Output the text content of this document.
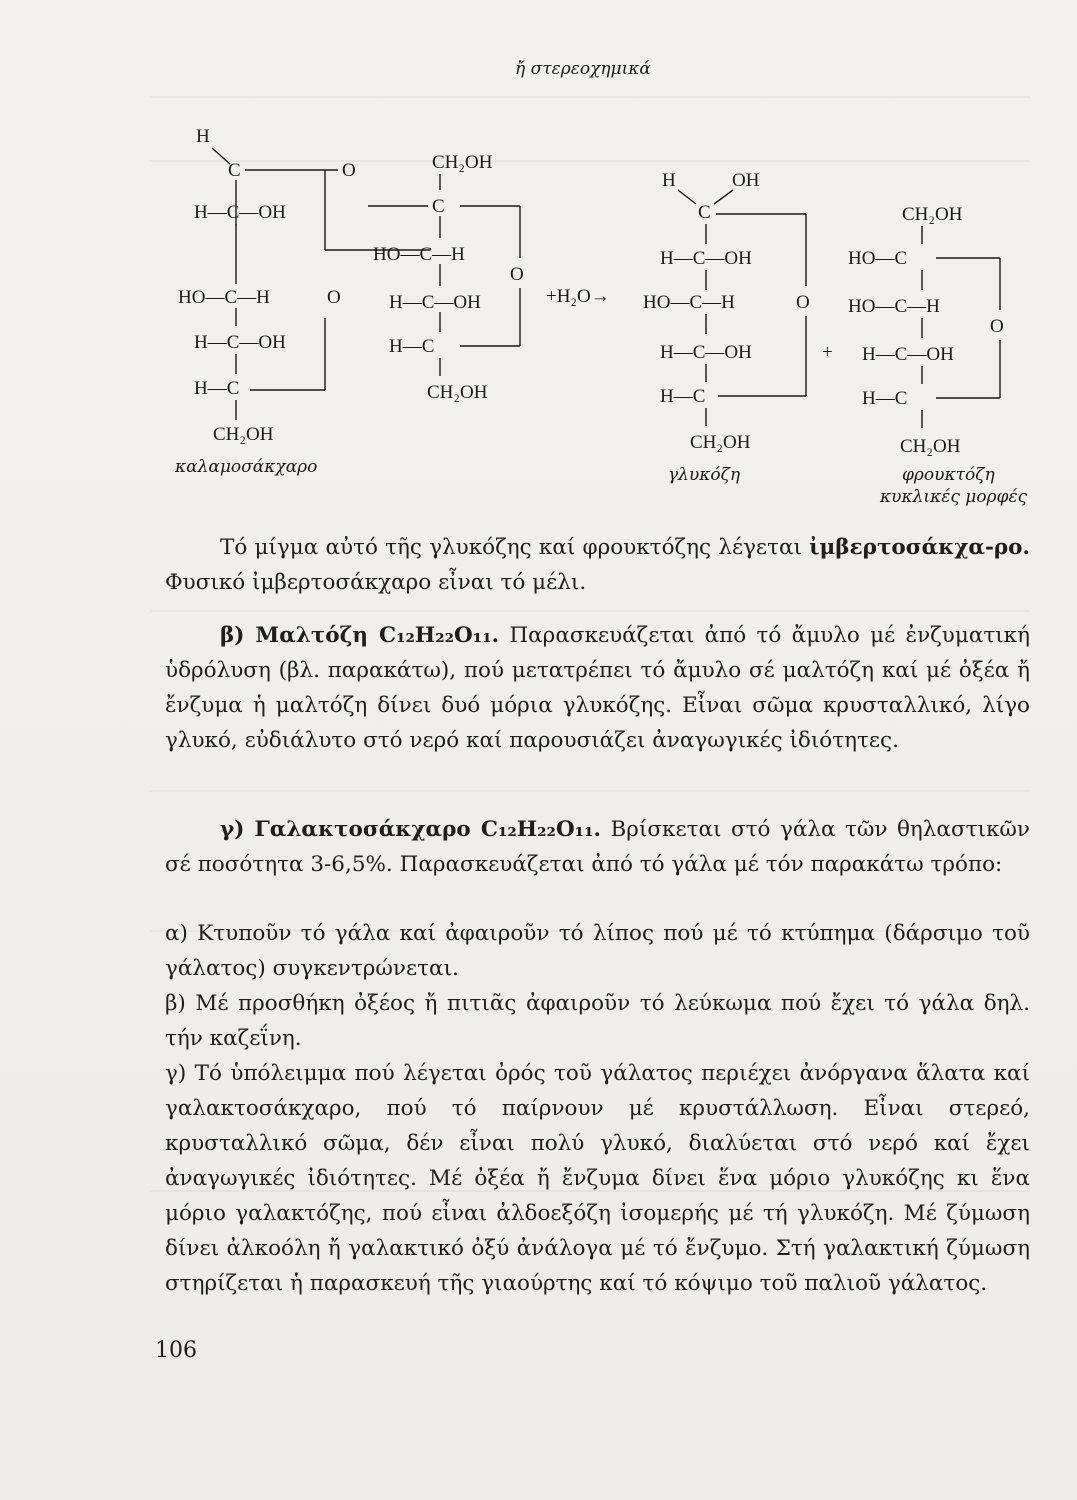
ἤ στερεοχημικά
H
C	O
H—C—OH
HO—C—H
H—C—OH
H—C
CH₂OH
O
CH₂OH
C
HO—C—H
H—C—OH
H—C
CH₂OH
O
καλαμοσάκχαρο
+H₂O→
H	OH
C
H—C—OH
HO—C—H
H—C—OH
H—C
CH₂OH
O
γλυκόζη
+
CH₂OH
HO—C
HO—C—H
H—C—OH
H—C
CH₂OH
O
φρουκτόζη
κυκλικές μορφές

Τό μίγμα αὐτό τῆς γλυκόζης καί φρουκτόζης λέγεται ἰμβερτοσάκχα-ρο. Φυσικό ἰμβερτοσάκχαρο εἶναι τό μέλι.

β) Μαλτόζη C₁₂H₂₂O₁₁. Παρασκευάζεται ἀπό τό ἄμυλο μέ ἐνζυματική ὑδρόλυση (βλ. παρακάτω), πού μετατρέπει τό ἄμυλο σέ μαλτόζη καί μέ ὀξέα ἤ ἔνζυμα ἡ μαλτόζη δίνει δυό μόρια γλυκόζης. Εἶναι σῶμα κρυσταλλικό, λίγο γλυκό, εὐδιάλυτο στό νερό καί παρουσιάζει ἀναγωγικές ἰδιότητες.

γ) Γαλακτοσάκχαρο C₁₂H₂₂O₁₁. Βρίσκεται στό γάλα τῶν θηλαστικῶν σέ ποσότητα 3-6,5%. Παρασκευάζεται ἀπό τό γάλα μέ τόν παρακάτω τρόπο:

α) Κτυποῦν τό γάλα καί ἀφαιροῦν τό λίπος πού μέ τό κτύπημα (δάρσιμο τοῦ γάλατος) συγκεντρώνεται.

β) Μέ προσθήκη ὀξέος ἤ πιτιᾶς ἀφαιροῦν τό λεύκωμα πού ἔχει τό γάλα δηλ. τήν καζεΐνη.

γ) Τό ὑπόλειμμα πού λέγεται ὀρός τοῦ γάλατος περιέχει ἀνόργανα ἅλατα καί γαλακτοσάκχαρο, πού τό παίρνουν μέ κρυστάλλωση. Εἶναι στερεό, κρυσταλλικό σῶμα, δέν εἶναι πολύ γλυκό, διαλύεται στό νερό καί ἔχει ἀναγωγικές ἰδιότητες. Μέ ὀξέα ἤ ἔνζυμα δίνει ἕνα μόριο γλυκόζης κι ἕνα μόριο γαλακτόζης, πού εἶναι ἀλδοεξόζη ἰσομερής μέ τή γλυκόζη. Μέ ζύμωση δίνει ἀλκοόλη ἤ γαλακτικό ὀξύ ἀνάλογα μέ τό ἔνζυμο. Στή γαλακτική ζύμωση στηρίζεται ἡ παρασκευή τῆς γιαούρτης καί τό κόψιμο τοῦ παλιοῦ γάλατος.

106
